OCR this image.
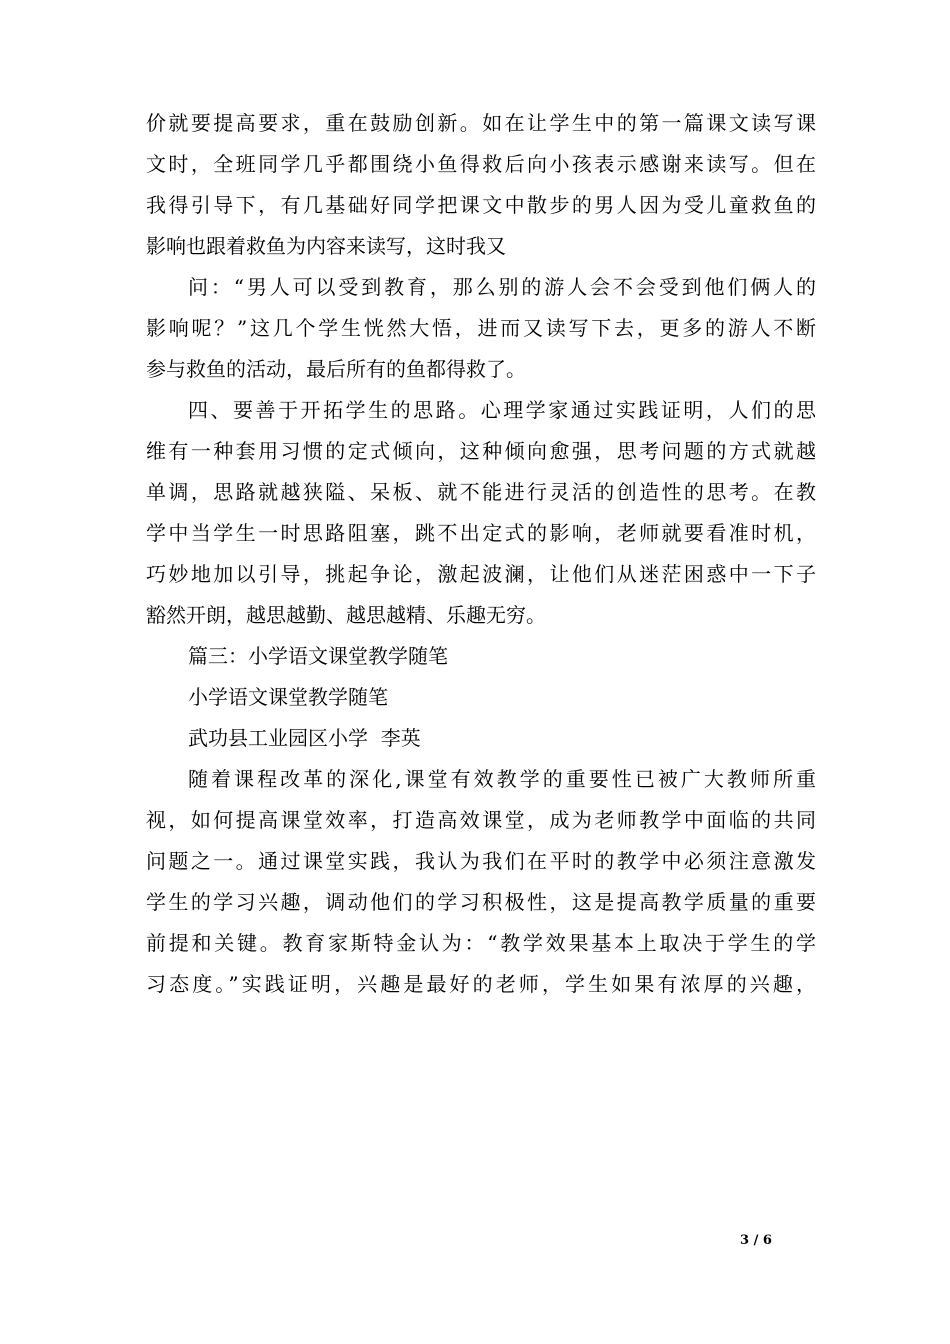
价就要提高要求，重在鼓励创新。如在让学生中的第一篇课文读写课
文时，全班同学几乎都围绕小鱼得救后向小孩表示感谢来读写。但在
我得引导下，有几基础好同学把课文中散步的男人因为受儿童救鱼的
影响也跟着救鱼为内容来读写，这时我又
问：“男人可以受到教育，那么别的游人会不会受到他们俩人的
影响呢？”这几个学生恍然大悟，进而又读写下去，更多的游人不断
参与救鱼的活动，最后所有的鱼都得救了。
四、要善于开拓学生的思路。心理学家通过实践证明，人们的思
维有一种套用习惯的定式倾向，这种倾向愈强，思考问题的方式就越
单调，思路就越狭隘、呆板、就不能进行灵活的创造性的思考。在教
学中当学生一时思路阻塞，跳不出定式的影响，老师就要看准时机，
巧妙地加以引导，挑起争论，激起波澜，让他们从迷茫困惑中一下子
豁然开朗，越思越勤、越思越精、乐趣无穷。
篇三：小学语文课堂教学随笔
小学语文课堂教学随笔
武功县工业园区小学  李英
随着课程改革的深化,课堂有效教学的重要性已被广大教师所重
视，如何提高课堂效率，打造高效课堂，成为老师教学中面临的共同
问题之一。通过课堂实践，我认为我们在平时的教学中必须注意激发
学生的学习兴趣，调动他们的学习积极性，这是提高教学质量的重要
前提和关键。教育家斯特金认为：“教学效果基本上取决于学生的学
习态度。”实践证明，兴趣是最好的老师，学生如果有浓厚的兴趣，
3 / 6
